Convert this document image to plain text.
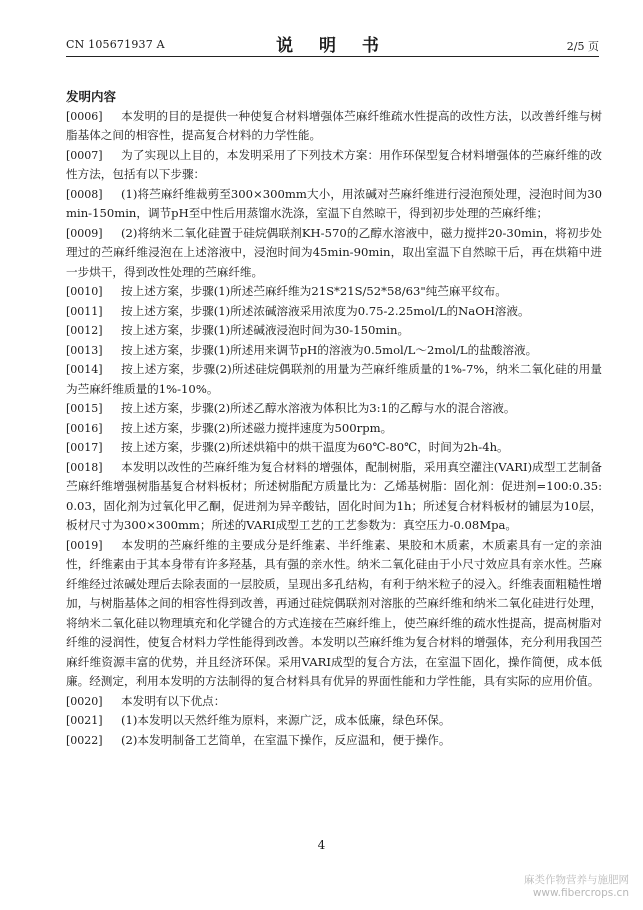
CN 105671937 A	说 明 书	2/5 页
发明内容
[0006] 本发明的目的是提供一种使复合材料增强体苎麻纤维疏水性提高的改性方法，以改善纤维与树脂基体之间的相容性，提高复合材料的力学性能。
[0007] 为了实现以上目的，本发明采用了下列技术方案：用作环保型复合材料增强体的苎麻纤维的改性方法，包括有以下步骤：
[0008] (1)将苎麻纤维裁剪至300×300mm大小，用浓碱对苎麻纤维进行浸泡预处理，浸泡时间为30min-150min，调节pH至中性后用蒸馏水洗涤，室温下自然晾干，得到初步处理的苎麻纤维；
[0009] (2)将纳米二氧化硅置于硅烷偶联剂KH-570的乙醇水溶液中，磁力搅拌20-30min，将初步处理过的苎麻纤维浸泡在上述溶液中，浸泡时间为45min-90min，取出室温下自然晾干后，再在烘箱中进一步烘干，得到改性处理的苎麻纤维。
[0010] 按上述方案，步骤(1)所述苎麻纤维为21S*21S/52*58/63"纯苎麻平纹布。
[0011] 按上述方案，步骤(1)所述浓碱溶液采用浓度为0.75-2.25mol/L的NaOH溶液。
[0012] 按上述方案，步骤(1)所述碱液浸泡时间为30-150min。
[0013] 按上述方案，步骤(1)所述用来调节pH的溶液为0.5mol/L～2mol/L的盐酸溶液。
[0014] 按上述方案，步骤(2)所述硅烷偶联剂的用量为苎麻纤维质量的1%-7%，纳米二氧化硅的用量为苎麻纤维质量的1%-10%。
[0015] 按上述方案，步骤(2)所述乙醇水溶液为体积比为3:1的乙醇与水的混合溶液。
[0016] 按上述方案，步骤(2)所述磁力搅拌速度为500rpm。
[0017] 按上述方案，步骤(2)所述烘箱中的烘干温度为60℃-80℃，时间为2h-4h。
[0018] 本发明以改性的苎麻纤维为复合材料的增强体，配制树脂，采用真空灌注(VARI)成型工艺制备苎麻纤维增强树脂基复合材料板材；所述树脂配方质量比为：乙烯基树脂：固化剂：促进剂=100:0.35:0.03，固化剂为过氧化甲乙酮，促进剂为异辛酸钴，固化时间为1h；所述复合材料板材的铺层为10层，板材尺寸为300×300mm；所述的VARI成型工艺的工艺参数为：真空压力-0.08Mpa。
[0019] 本发明的苎麻纤维的主要成分是纤维素、半纤维素、果胶和木质素，木质素具有一定的亲油性，纤维素由于其本身带有许多羟基，具有强的亲水性。纳米二氧化硅由于小尺寸效应具有亲水性。苎麻纤维经过浓碱处理后去除表面的一层胶质，呈现出多孔结构，有利于纳米粒子的浸入。纤维表面粗糙性增加，与树脂基体之间的相容性得到改善，再通过硅烷偶联剂对溶胀的苎麻纤维和纳米二氧化硅进行处理，将纳米二氧化硅以物理填充和化学键合的方式连接在苎麻纤维上，使苎麻纤维的疏水性提高，提高树脂对纤维的浸润性，使复合材料力学性能得到改善。本发明以苎麻纤维为复合材料的增强体，充分利用我国苎麻纤维资源丰富的优势，并且经济环保。采用VARI成型的复合方法，在室温下固化，操作简便，成本低廉。经测定，利用本发明的方法制得的复合材料具有优异的界面性能和力学性能，具有实际的应用价值。
[0020] 本发明有以下优点：
[0021] (1)本发明以天然纤维为原料，来源广泛，成本低廉，绿色环保。
[0022] (2)本发明制备工艺简单，在室温下操作，反应温和，便于操作。
4
麻类作物营养与施肥网
www.fibercrops.cn
